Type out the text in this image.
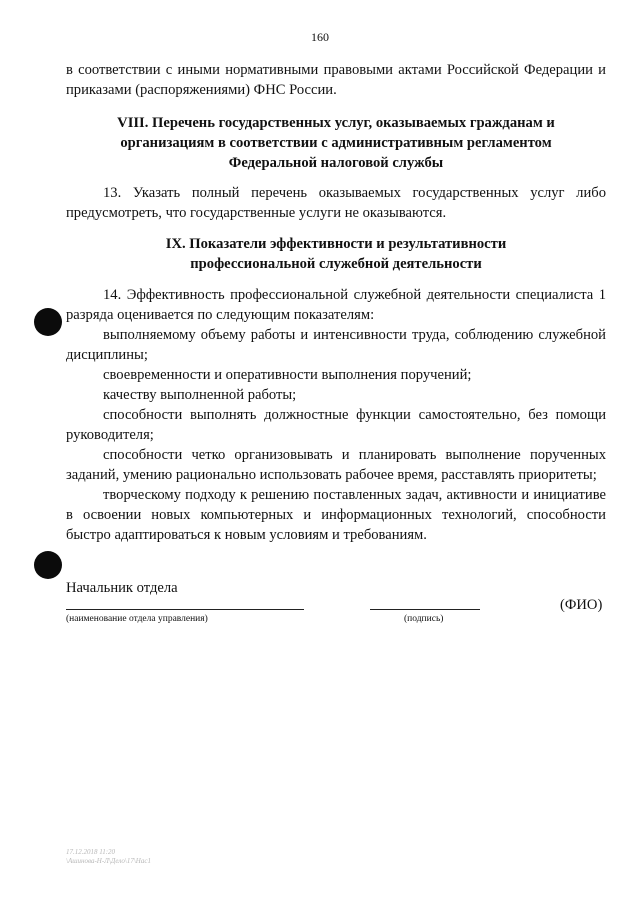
160

в соответствии с иными нормативными правовыми актами Российской Федерации и приказами (распоряжениями) ФНС России.

VIII. Перечень государственных услуг, оказываемых гражданам и
организациям в соответствии с административным регламентом
Федеральной налоговой службы

13. Указать полный перечень оказываемых государственных услуг либо предусмотреть, что государственные услуги не оказываются.

IX. Показатели эффективности и результативности
профессиональной служебной деятельности

14. Эффективность профессиональной служебной деятельности специалиста 1 разряда оценивается по следующим показателям:

выполняемому объему работы и интенсивности труда, соблюдению служебной дисциплины;

своевременности и оперативности выполнения поручений;

качеству выполненной работы;

способности выполнять должностные функции самостоятельно, без помощи руководителя;

способности четко организовывать и планировать выполнение порученных заданий, умению рационально использовать рабочее время, расставлять приоритеты;

творческому подходу к решению поставленных задач, активности и инициативе в освоении новых компьютерных и информационных технологий, способности быстро адаптироваться к новым условиям и требованиям.

Начальник отдела
(наименование отдела управления)	(подпись)
(ФИО)
17.12.2018 11:20
\Ашинова-Н-Л\Дело\17\Нас1
